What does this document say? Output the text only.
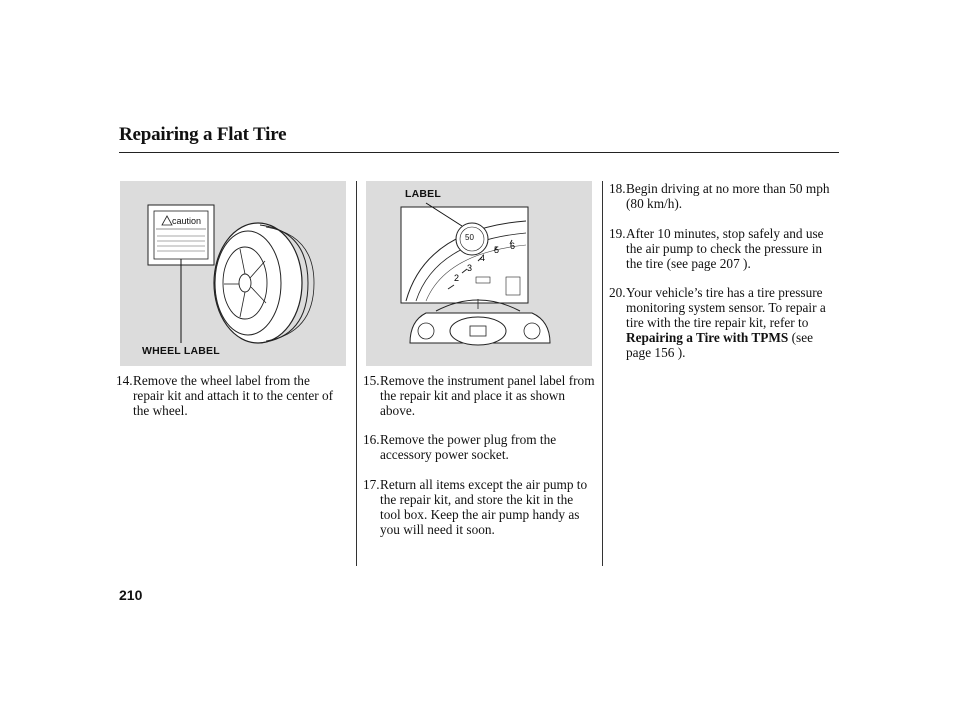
Repairing a Flat Tire
caution
WHEEL LABEL
2
3
4
5 6
50
LABEL
14. Remove the wheel label from the repair kit and attach it to the center of the wheel.
15. Remove the instrument panel label from the repair kit and place it as shown above.
16. Remove the power plug from the accessory power socket.
17. Return all items except the air pump to the repair kit, and store the kit in the tool box. Keep the air pump handy as you will need it soon.
18. Begin driving at no more than 50 mph (80 km/h).
19. After 10 minutes, stop safely and use the air pump to check the pressure in the tire (see page 207 ).
20. Your vehicle’s tire has a tire pressure monitoring system sensor. To repair a tire with the tire repair kit, refer to Repairing a Tire with TPMS (see page 156 ).
210
